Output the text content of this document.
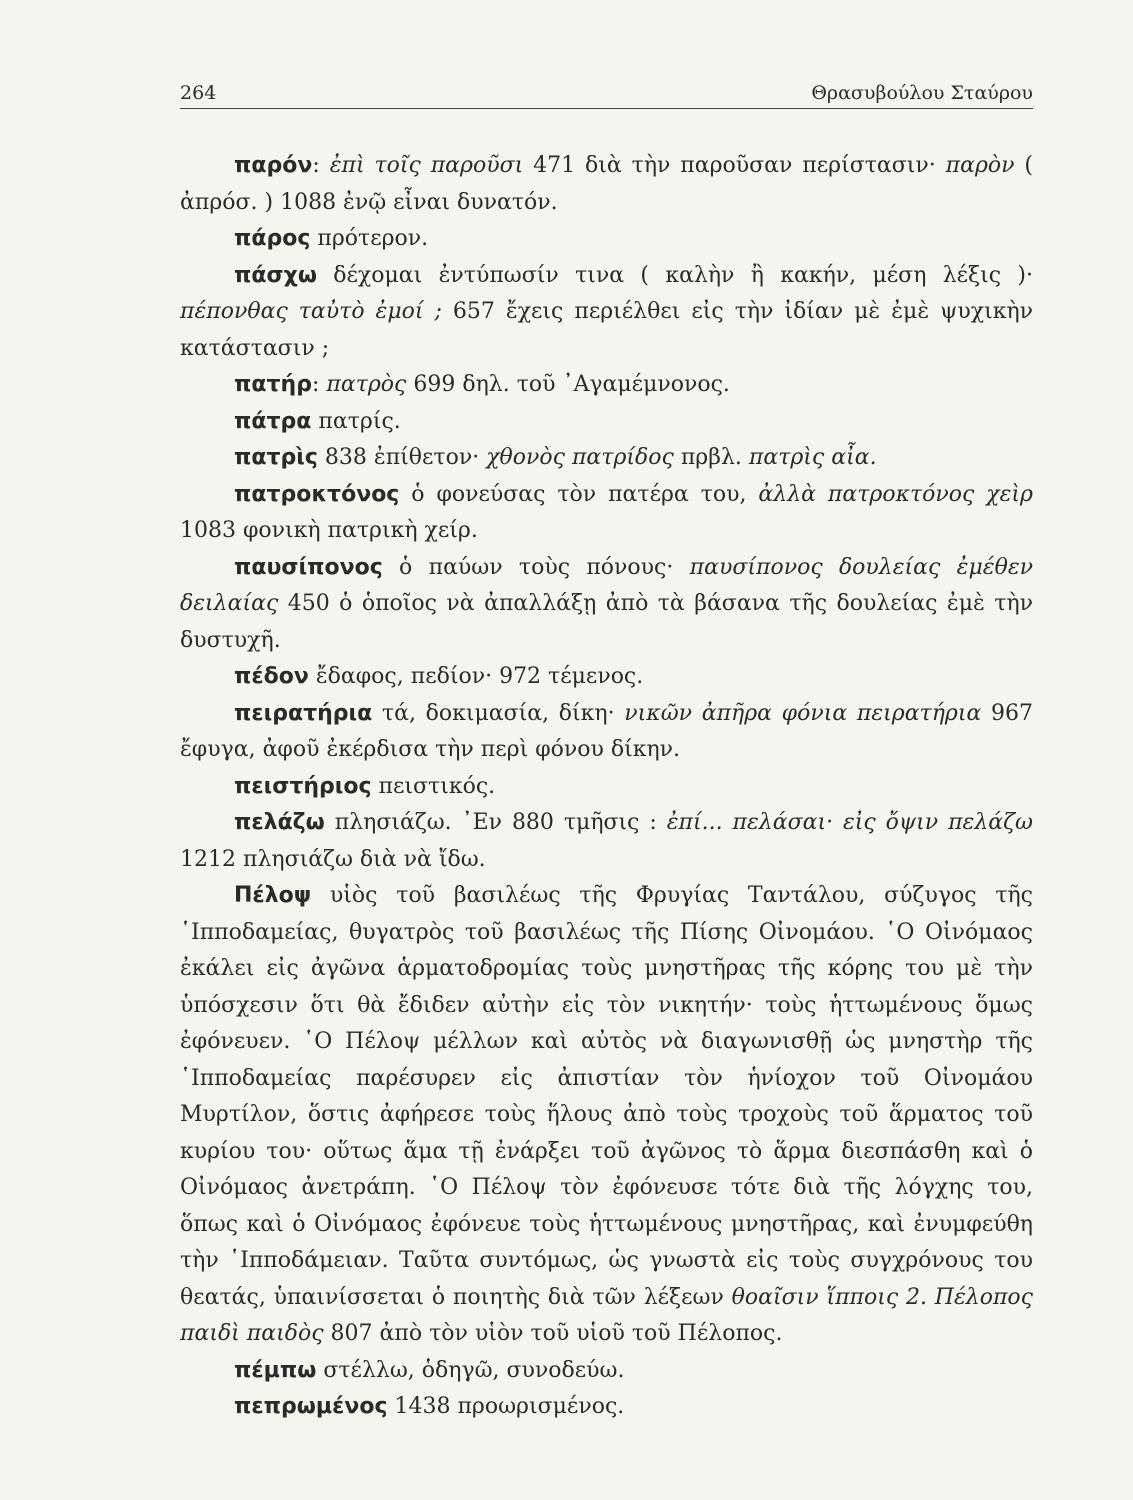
264	Θρασυβούλου Σταύρου

παρόν: ἐπὶ τοῖς παροῦσι 471 διὰ τὴν παροῦσαν περίστασιν· παρὸν ( ἀπρόσ. ) 1088 ἐνῷ εἶναι δυνατόν.

πάρος πρότερον.

πάσχω δέχομαι ἐντύπωσίν τινα ( καλὴν ἢ κακήν, μέση λέξις )· πέπονθας ταὐτὸ ἐμοί ; 657 ἔχεις περιέλθει εἰς τὴν ἰδίαν μὲ ἐμὲ ψυχικὴν κατάστασιν ;

πατήρ: πατρὸς 699 δηλ. τοῦ ᾿Αγαμέμνονος.

πάτρα πατρίς.

πατρὶς 838 ἐπίθετον· χθονὸς πατρίδος πρβλ. πατρὶς αἶα.

πατροκτόνος ὁ φονεύσας τὸν πατέρα του, ἀλλὰ πατροκτόνος χεὶρ 1083 φονικὴ πατρικὴ χείρ.

παυσίπονος ὁ παύων τοὺς πόνους· παυσίπονος δουλείας ἐμέθεν δειλαίας 450 ὁ ὁποῖος νὰ ἀπαλλάξῃ ἀπὸ τὰ βάσανα τῆς δουλείας ἐμὲ τὴν δυστυχῆ.

πέδον ἔδαφος, πεδίον· 972 τέμενος.

πειρατήρια τά, δοκιμασία, δίκη· νικῶν ἀπῆρα φόνια πειρατήρια 967 ἔφυγα, ἀφοῦ ἐκέρδισα τὴν περὶ φόνου δίκην.

πειστήριος πειστικός.

πελάζω πλησιάζω. ᾿Εν 880 τμῆσις : ἐπί... πελάσαι· εἰς ὄψιν πελάζω 1212 πλησιάζω διὰ νὰ ἴδω.

Πέλοψ υἱὸς τοῦ βασιλέως τῆς Φρυγίας Ταντάλου, σύζυγος τῆς ῾Ιπποδαμείας, θυγατρὸς τοῦ βασιλέως τῆς Πίσης Οἰνομάου. ῾Ο Οἰνόμαος ἐκάλει εἰς ἀγῶνα ἁρματοδρομίας τοὺς μνηστῆρας τῆς κόρης του μὲ τὴν ὑπόσχεσιν ὅτι θὰ ἔδιδεν αὐτὴν εἰς τὸν νικητήν· τοὺς ἡττωμένους ὅμως ἐφόνευεν. ῾Ο Πέλοψ μέλλων καὶ αὐτὸς νὰ διαγωνισθῇ ὡς μνηστὴρ τῆς ῾Ιπποδαμείας παρέσυρεν εἰς ἀπιστίαν τὸν ἡνίοχον τοῦ Οἰνομάου Μυρτίλον, ὅστις ἀφήρεσε τοὺς ἥλους ἀπὸ τοὺς τροχοὺς τοῦ ἅρματος τοῦ κυρίου του· οὕτως ἅμα τῇ ἐνάρξει τοῦ ἀγῶνος τὸ ἅρμα διεσπάσθη καὶ ὁ Οἰνόμαος ἀνετράπη. ῾Ο Πέλοψ τὸν ἐφόνευσε τότε διὰ τῆς λόγχης του, ὅπως καὶ ὁ Οἰνόμαος ἐφόνευε τοὺς ἡττωμένους μνηστῆρας, καὶ ἐνυμφεύθη τὴν ῾Ιπποδάμειαν. Ταῦτα συντόμως, ὡς γνωστὰ εἰς τοὺς συγχρόνους του θεατάς, ὑπαινίσσεται ὁ ποιητὴς διὰ τῶν λέξεων θοαῖσιν ἵπποις 2. Πέλοπος παιδὶ παιδὸς 807 ἀπὸ τὸν υἱὸν τοῦ υἱοῦ τοῦ Πέλοπος.

πέμπω στέλλω, ὁδηγῶ, συνοδεύω.

πεπρωμένος 1438 προωρισμένος.
